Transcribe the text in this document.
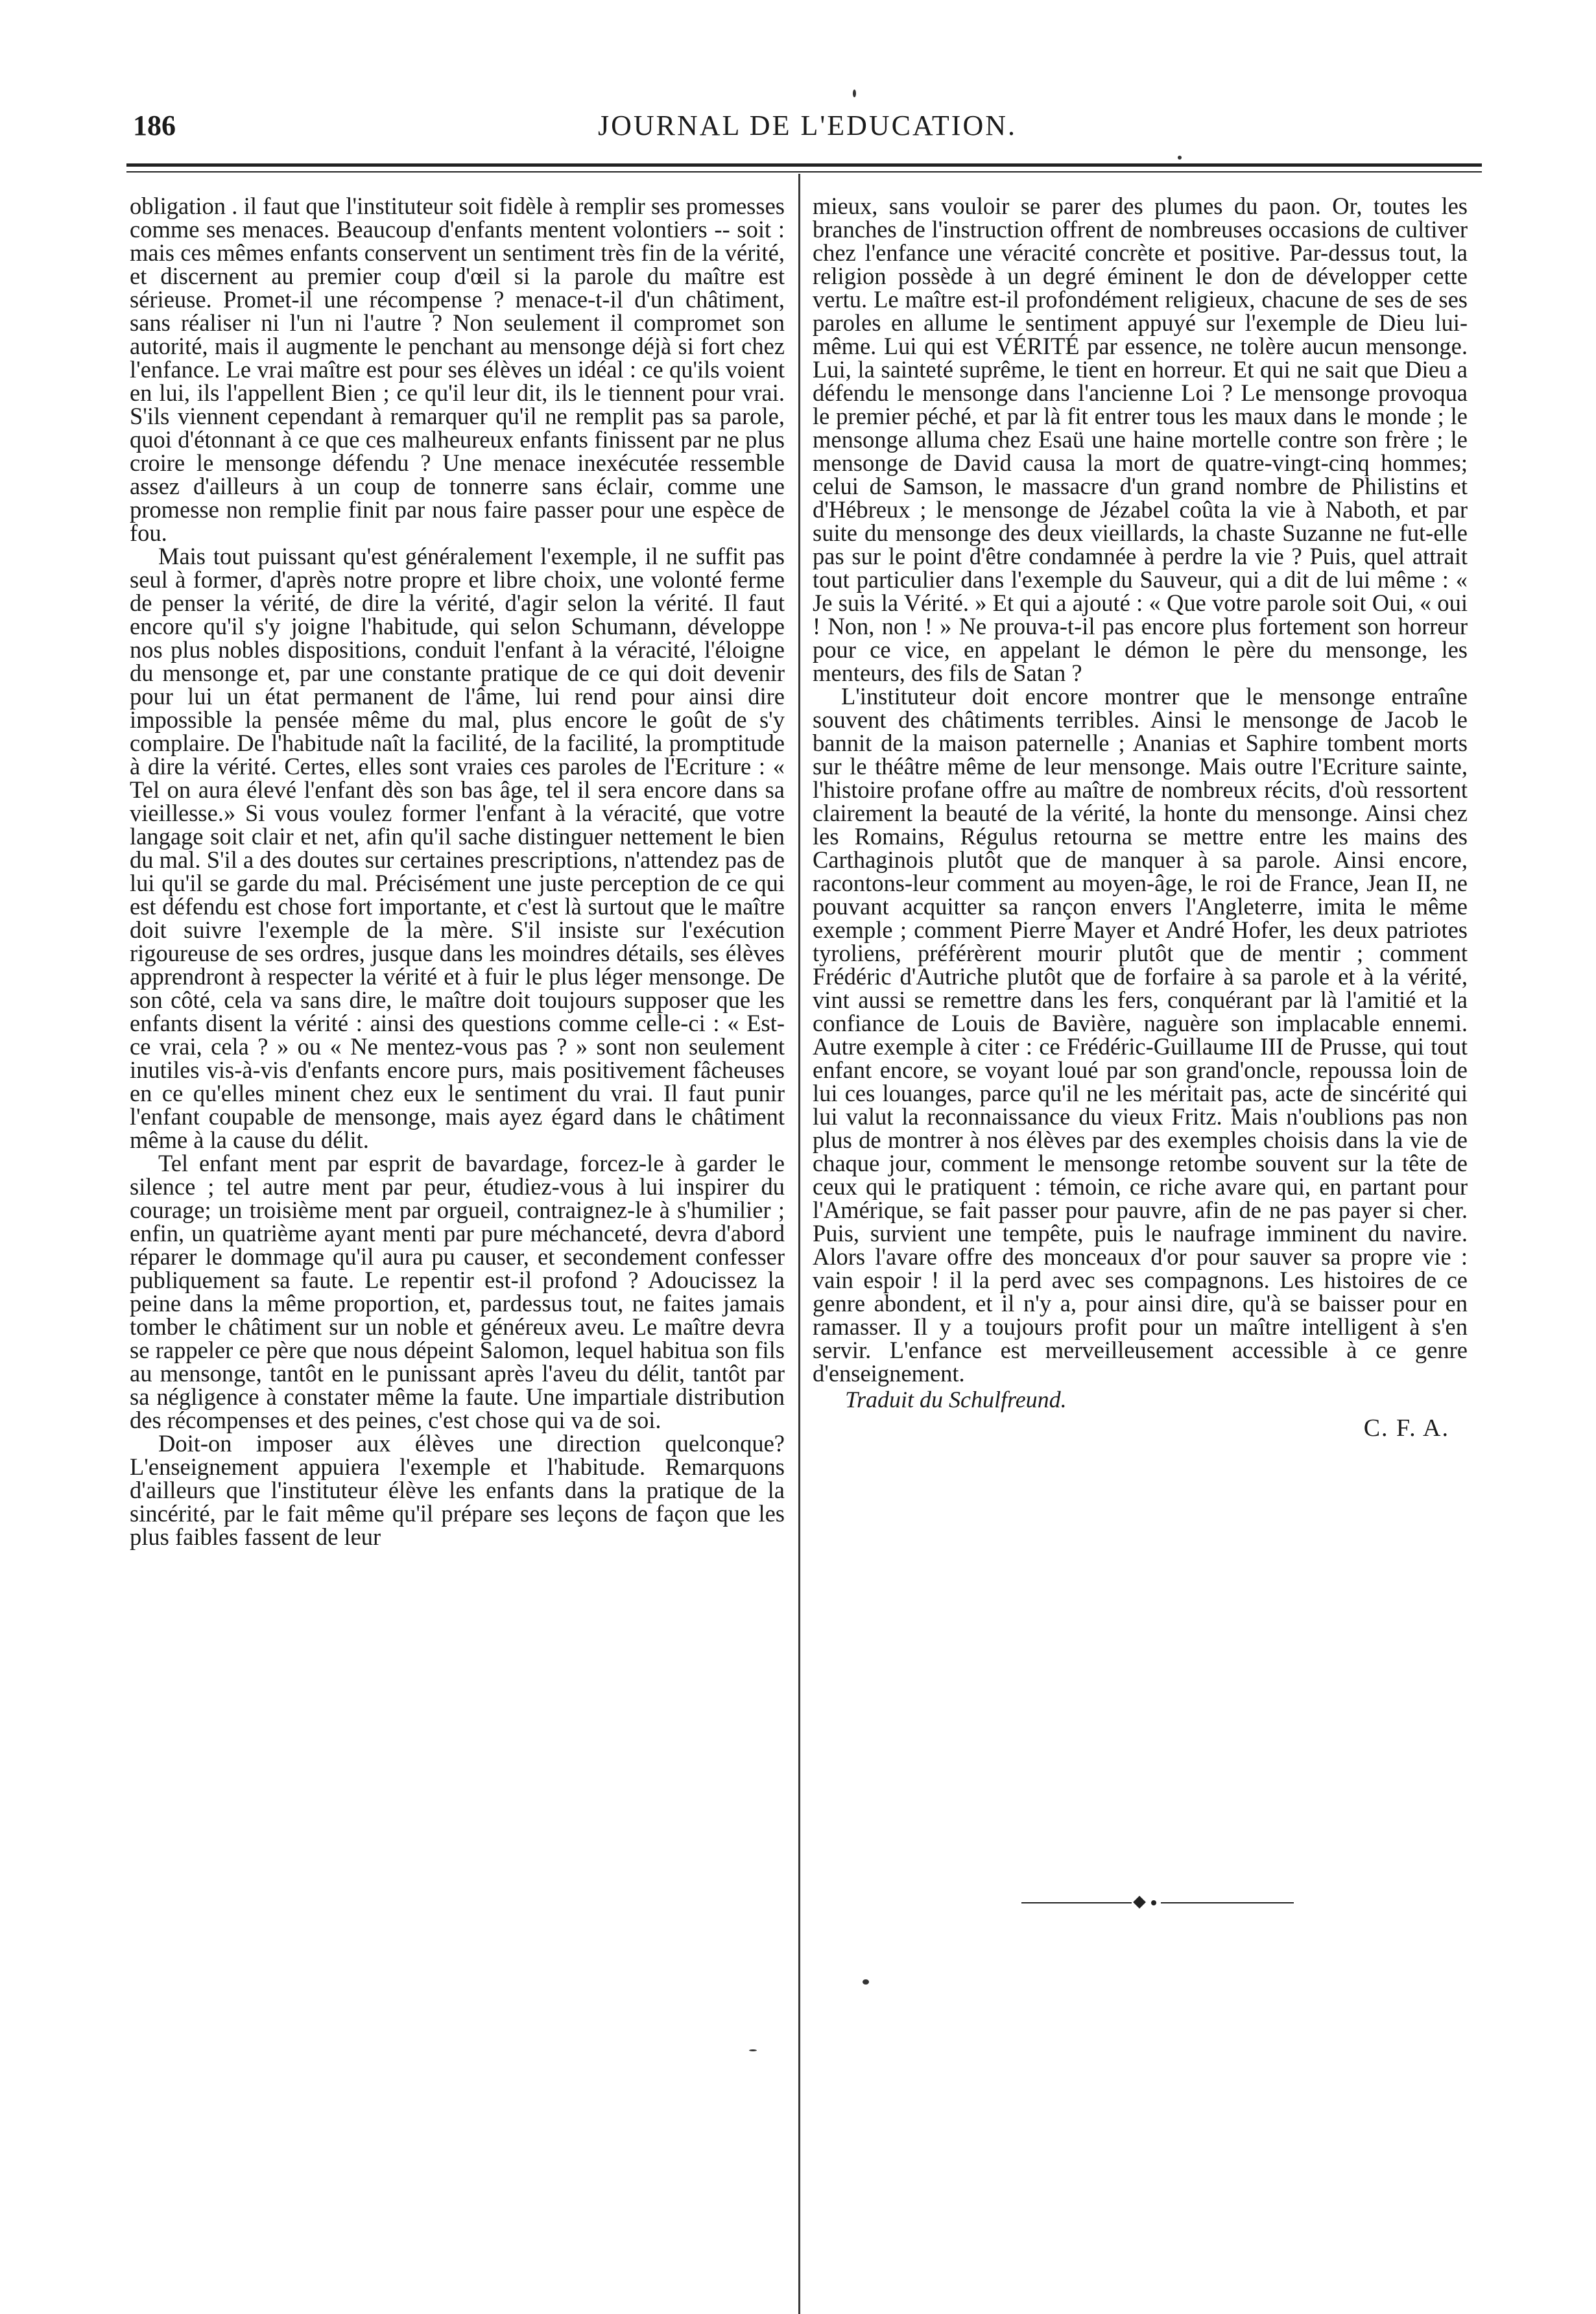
186	JOURNAL DE L'EDUCATION.

obligation . il faut que l'instituteur soit fidèle à remplir ses promesses comme ses menaces. Beaucoup d'enfants mentent volontiers -- soit : mais ces mêmes enfants conservent un sentiment très fin de la vérité, et discernent au premier coup d'œil si la parole du maître est sérieuse. Promet-il une récompense ? menace-t-il d'un châtiment, sans réaliser ni l'un ni l'autre ? Non seulement il compromet son autorité, mais il augmente le penchant au mensonge déjà si fort chez l'enfance. Le vrai maître est pour ses élèves un idéal : ce qu'ils voient en lui, ils l'appellent Bien ; ce qu'il leur dit, ils le tiennent pour vrai. S'ils viennent cependant à remarquer qu'il ne remplit pas sa parole, quoi d'étonnant à ce que ces malheureux enfants finissent par ne plus croire le mensonge défendu ? Une menace inexécutée ressemble assez d'ailleurs à un coup de tonnerre sans éclair, comme une promesse non remplie finit par nous faire passer pour une espèce de fou.

Mais tout puissant qu'est généralement l'exemple, il ne suffit pas seul à former, d'après notre propre et libre choix, une volonté ferme de penser la vérité, de dire la vérité, d'agir selon la vérité. Il faut encore qu'il s'y joigne l'habitude, qui selon Schumann, développe nos plus nobles dispositions, conduit l'enfant à la véracité, l'éloigne du mensonge et, par une constante pratique de ce qui doit devenir pour lui un état permanent de l'âme, lui rend pour ainsi dire impossible la pensée même du mal, plus encore le goût de s'y complaire. De l'habitude naît la facilité, de la facilité, la promptitude à dire la vérité. Certes, elles sont vraies ces paroles de l'Ecriture : « Tel on aura élevé l'enfant dès son bas âge, tel il sera encore dans sa vieillesse.» Si vous voulez former l'enfant à la véracité, que votre langage soit clair et net, afin qu'il sache distinguer nettement le bien du mal. S'il a des doutes sur certaines prescriptions, n'attendez pas de lui qu'il se garde du mal. Précisément une juste perception de ce qui est défendu est chose fort importante, et c'est là surtout que le maître doit suivre l'exemple de la mère. S'il insiste sur l'exécution rigoureuse de ses ordres, jusque dans les moindres détails, ses élèves apprendront à respecter la vérité et à fuir le plus léger mensonge. De son côté, cela va sans dire, le maître doit toujours supposer que les enfants disent la vérité : ainsi des questions comme celle-ci : « Est-ce vrai, cela ? » ou « Ne mentez-vous pas ? » sont non seulement inutiles vis-à-vis d'enfants encore purs, mais positivement fâcheuses en ce qu'elles minent chez eux le sentiment du vrai. Il faut punir l'enfant coupable de mensonge, mais ayez égard dans le châtiment même à la cause du délit.

Tel enfant ment par esprit de bavardage, forcez-le à garder le silence ; tel autre ment par peur, étudiez-vous à lui inspirer du courage; un troisième ment par orgueil, contraignez-le à s'humilier ; enfin, un quatrième ayant menti par pure méchanceté, devra d'abord réparer le dommage qu'il aura pu causer, et secondement confesser publiquement sa faute. Le repentir est-il profond ? Adoucissez la peine dans la même proportion, et, pardessus tout, ne faites jamais tomber le châtiment sur un noble et généreux aveu. Le maître devra se rappeler ce père que nous dépeint Salomon, lequel habitua son fils au mensonge, tantôt en le punissant après l'aveu du délit, tantôt par sa négligence à constater même la faute. Une impartiale distribution des récompenses et des peines, c'est chose qui va de soi.

Doit-on imposer aux élèves une direction quelconque? L'enseignement appuiera l'exemple et l'habitude. Remarquons d'ailleurs que l'instituteur élève les enfants dans la pratique de la sincérité, par le fait même qu'il prépare ses leçons de façon que les plus faibles fassent de leur

mieux, sans vouloir se parer des plumes du paon. Or, toutes les branches de l'instruction offrent de nombreuses occasions de cultiver chez l'enfance une véracité concrète et positive. Par-dessus tout, la religion possède à un degré éminent le don de développer cette vertu. Le maître est-il profondément religieux, chacune de ses de ses paroles en allume le sentiment appuyé sur l'exemple de Dieu lui-même. Lui qui est VÉRITÉ par essence, ne tolère aucun mensonge. Lui, la sainteté suprême, le tient en horreur. Et qui ne sait que Dieu a défendu le mensonge dans l'ancienne Loi ? Le mensonge provoqua le premier péché, et par là fit entrer tous les maux dans le monde ; le mensonge alluma chez Esaü une haine mortelle contre son frère ; le mensonge de David causa la mort de quatre-vingt-cinq hommes; celui de Samson, le massacre d'un grand nombre de Philistins et d'Hébreux ; le mensonge de Jézabel coûta la vie à Naboth, et par suite du mensonge des deux vieillards, la chaste Suzanne ne fut-elle pas sur le point d'être condamnée à perdre la vie ? Puis, quel attrait tout particulier dans l'exemple du Sauveur, qui a dit de lui même : « Je suis la Vérité. » Et qui a ajouté : « Que votre parole soit Oui, « oui ! Non, non ! » Ne prouva-t-il pas encore plus fortement son horreur pour ce vice, en appelant le démon le père du mensonge, les menteurs, des fils de Satan ?

L'instituteur doit encore montrer que le mensonge entraîne souvent des châtiments terribles. Ainsi le mensonge de Jacob le bannit de la maison paternelle ; Ananias et Saphire tombent morts sur le théâtre même de leur mensonge. Mais outre l'Ecriture sainte, l'histoire profane offre au maître de nombreux récits, d'où ressortent clairement la beauté de la vérité, la honte du mensonge. Ainsi chez les Romains, Régulus retourna se mettre entre les mains des Carthaginois plutôt que de manquer à sa parole. Ainsi encore, racontons-leur comment au moyen-âge, le roi de France, Jean II, ne pouvant acquitter sa rançon envers l'Angleterre, imita le même exemple ; comment Pierre Mayer et André Hofer, les deux patriotes tyroliens, préférèrent mourir plutôt que de mentir ; comment Frédéric d'Autriche plutôt que de forfaire à sa parole et à la vérité, vint aussi se remettre dans les fers, conquérant par là l'amitié et la confiance de Louis de Bavière, naguère son implacable ennemi. Autre exemple à citer : ce Frédéric-Guillaume III de Prusse, qui tout enfant encore, se voyant loué par son grand'oncle, repoussa loin de lui ces louanges, parce qu'il ne les méritait pas, acte de sincérité qui lui valut la reconnaissance du vieux Fritz. Mais n'oublions pas non plus de montrer à nos élèves par des exemples choisis dans la vie de chaque jour, comment le mensonge retombe souvent sur la tête de ceux qui le pratiquent : témoin, ce riche avare qui, en partant pour l'Amérique, se fait passer pour pauvre, afin de ne pas payer si cher. Puis, survient une tempête, puis le naufrage imminent du navire. Alors l'avare offre des monceaux d'or pour sauver sa propre vie : vain espoir ! il la perd avec ses compagnons. Les histoires de ce genre abondent, et il n'y a, pour ainsi dire, qu'à se baisser pour en ramasser. Il y a toujours profit pour un maître intelligent à s'en servir. L'enfance est merveilleusement accessible à ce genre d'enseignement.

Traduit du Schulfreund.

C. F. A.
